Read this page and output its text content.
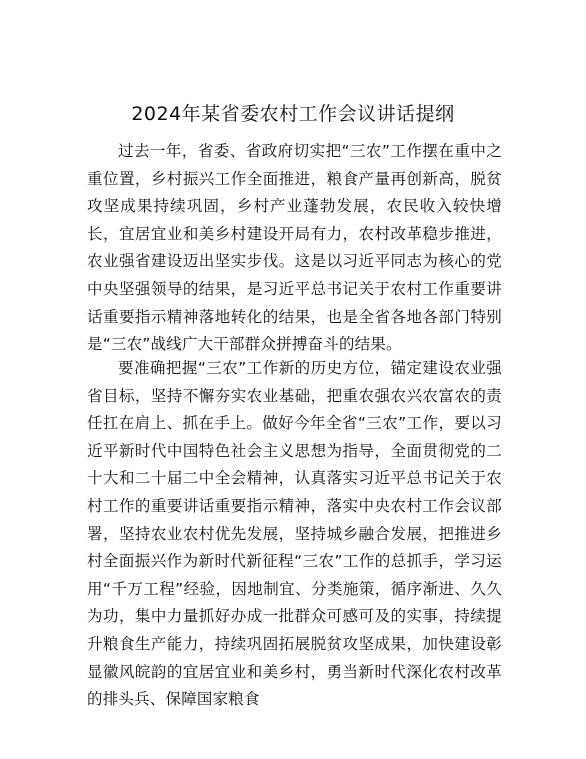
2024年某省委农村工作会议讲话提纲

过去一年，省委、省政府切实把“三农”工作摆在重中之重位置，乡村振兴工作全面推进，粮食产量再创新高，脱贫攻坚成果持续巩固，乡村产业蓬勃发展，农民收入较快增长，宜居宜业和美乡村建设开局有力，农村改革稳步推进，农业强省建设迈出坚实步伐。这是以习近平同志为核心的党中央坚强领导的结果，是习近平总书记关于农村工作重要讲话重要指示精神落地转化的结果，也是全省各地各部门特别是“三农”战线广大干部群众拼搏奋斗的结果。

要准确把握“三农”工作新的历史方位，锚定建设农业强省目标，坚持不懈夯实农业基础，把重农强农兴农富农的责任扛在肩上、抓在手上。做好今年全省“三农”工作，要以习近平新时代中国特色社会主义思想为指导，全面贯彻党的二十大和二十届二中全会精神，认真落实习近平总书记关于农村工作的重要讲话重要指示精神，落实中央农村工作会议部署，坚持农业农村优先发展，坚持城乡融合发展，把推进乡村全面振兴作为新时代新征程“三农”工作的总抓手，学习运用“千万工程”经验，因地制宜、分类施策，循序渐进、久久为功，集中力量抓好办成一批群众可感可及的实事，持续提升粮食生产能力，持续巩固拓展脱贫攻坚成果，加快建设彰显徽风皖韵的宜居宜业和美乡村，勇当新时代深化农村改革的排头兵、保障国家粮食
